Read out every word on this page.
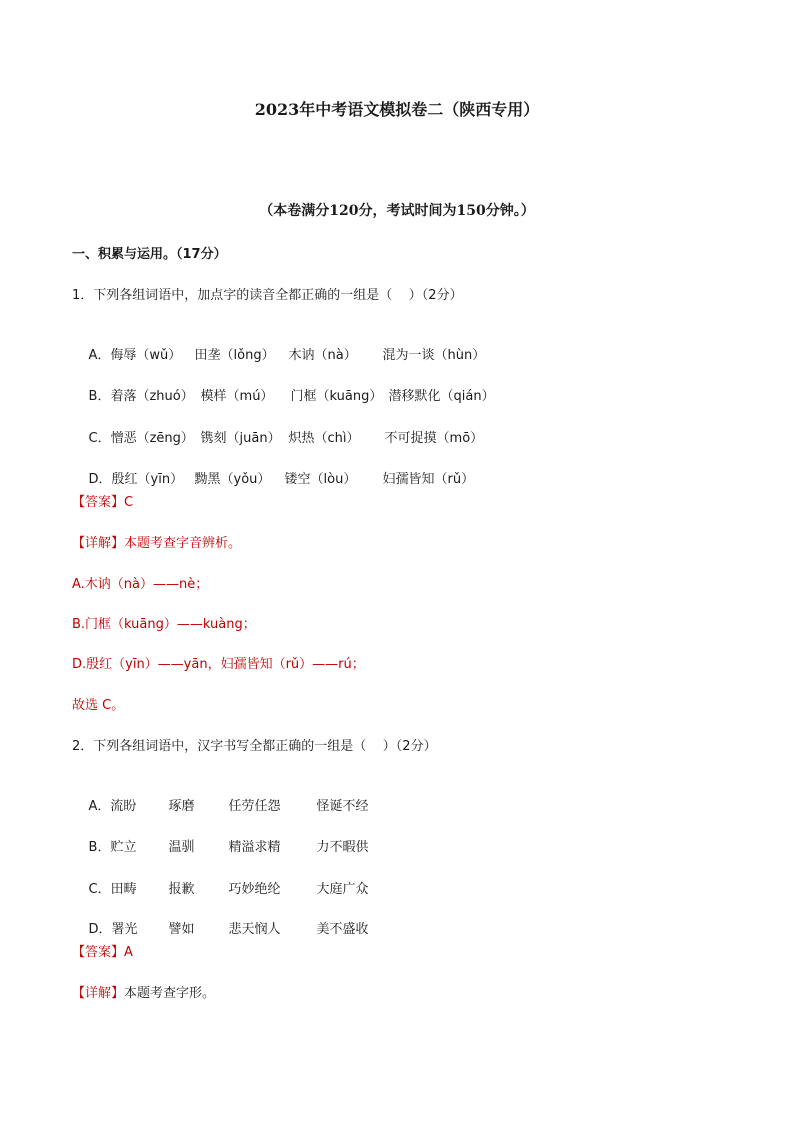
2023年中考语文模拟卷二（陕西专用）
（本卷满分120分，考试时间为150分钟。）
一、积累与运用。（17分）
1．下列各组词语中，加点字的读音全都正确的一组是（    ）（2分）

A．侮辱（wǔ） 田垄（lǒng） 木讷（nà） 混为一谈（hùn）

B．着落（zhuó） 模样（mú） 门框（kuāng） 潜移默化（qián）

C．憎恶（zēng） 镌刻（juān） 炽热（chì） 不可捉摸（mō）

D．殷红（yīn） 黝黑（yǒu） 镂空（lòu） 妇孺皆知（rǔ）

【答案】C
【详解】本题考查字音辨析。
A.木讷（nà）——nè；
B.门框（kuāng）——kuàng；
D.殷红（yīn）——yān，妇孺皆知（rǔ）——rú；
故选 C。
2．下列各组词语中，汉字书写全都正确的一组是（    ）（2分）

A．流盼 琢磨	任劳任怨	怪诞不经

B．贮立 温驯	精溢求精	力不暇供

C．田畴 报歉	巧妙绝纶	大庭广众

D．署光 譬如	悲天悯人	美不盛收

【答案】A
【详解】本题考查字形。
